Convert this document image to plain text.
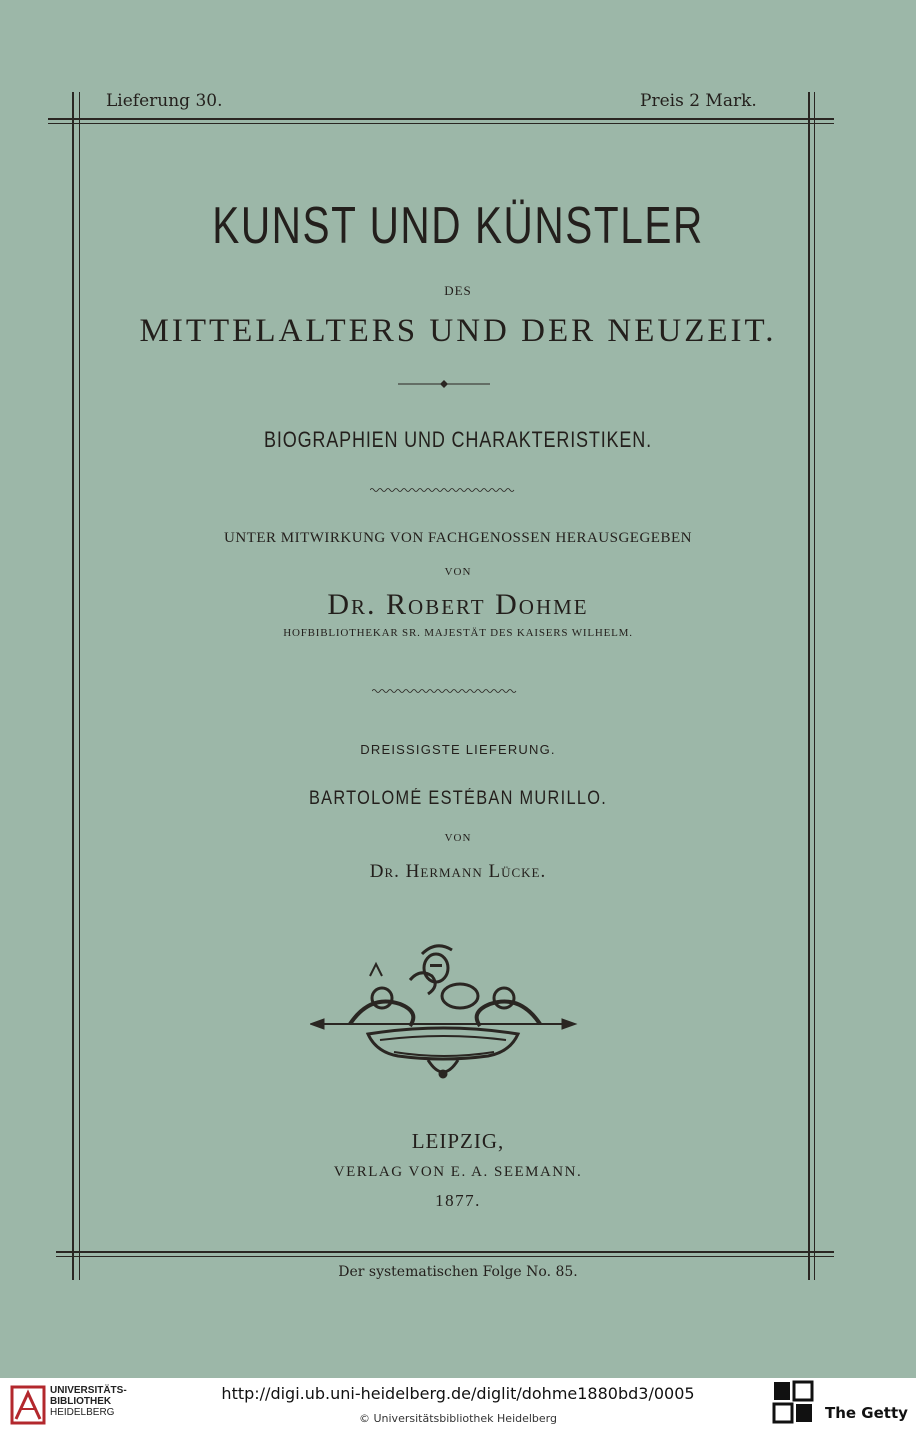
Lieferung 30.	Preis 2 Mark.
KUNST UND KÜNSTLER
DES
MITTELALTERS UND DER NEUZEIT.
BIOGRAPHIEN UND CHARAKTERISTIKEN.
UNTER MITWIRKUNG VON FACHGENOSSEN HERAUSGEGEBEN
VON
Dr. Robert Dohme
HOFBIBLIOTHEKAR SR. MAJESTÄT DES KAISERS WILHELM.
DREISSIGSTE LIEFERUNG.
BARTOLOMÉ ESTÉBAN MURILLO.
VON
Dr. Hermann Lücke.
LEIPZIG,
VERLAG VON E. A. SEEMANN.
1877.
Der systematischen Folge No. 85.
UNIVERSITÄTS-
BIBLIOTHEK
HEIDELBERG
http://digi.ub.uni-heidelberg.de/diglit/dohme1880bd3/0005
© Universitätsbibliothek Heidelberg	The Getty
